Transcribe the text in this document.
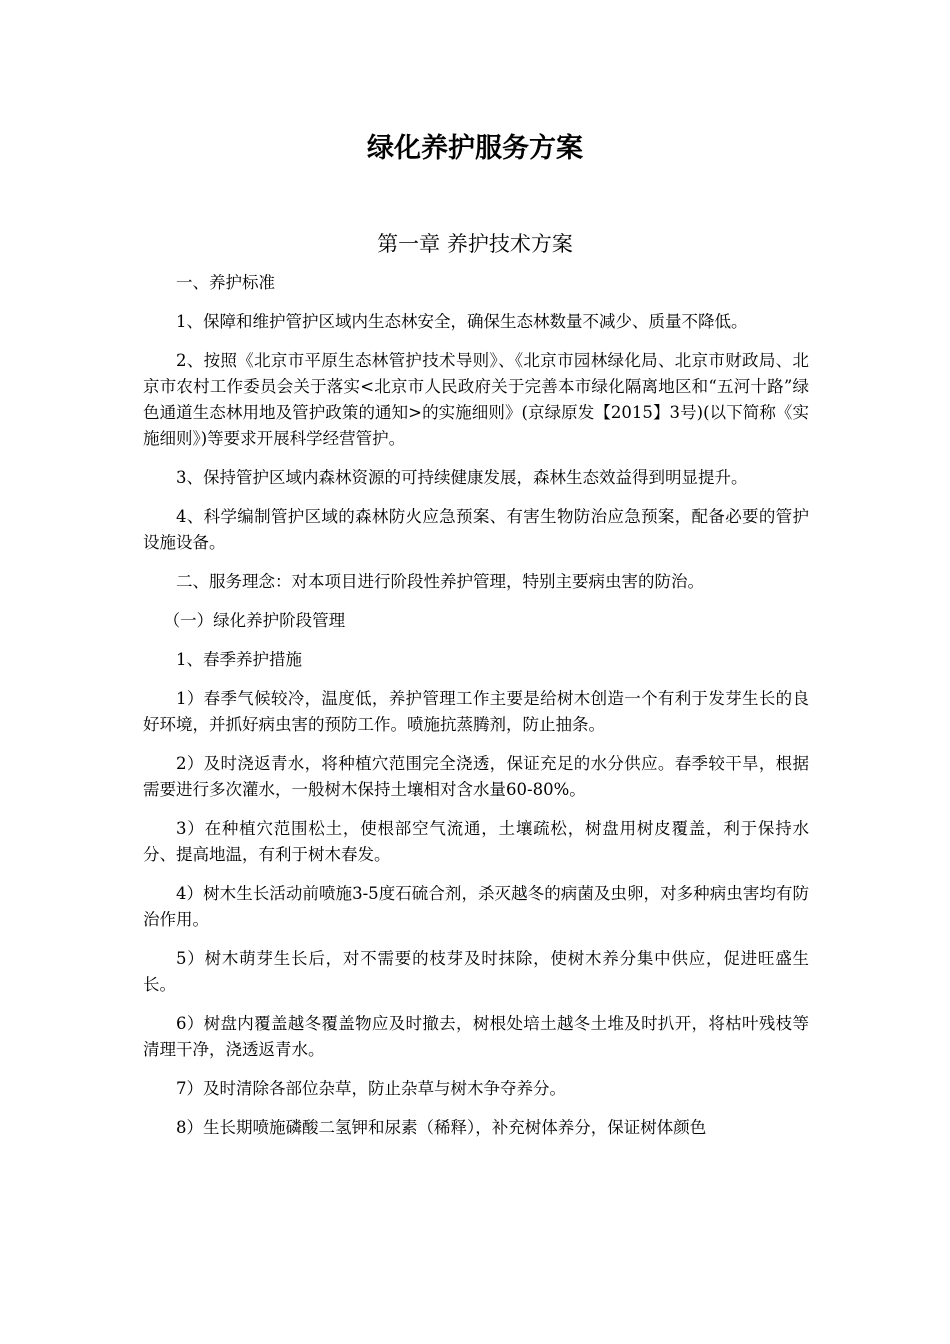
绿化养护服务方案
第一章 养护技术方案

一、养护标准

1、保障和维护管护区域内生态林安全，确保生态林数量不减少、质量不降低。

2、按照《北京市平原生态林管护技术导则》、《北京市园林绿化局、北京市财政局、北京市农村工作委员会关于落实<北京市人民政府关于完善本市绿化隔离地区和“五河十路”绿色通道生态林用地及管护政策的通知>的实施细则》(京绿原发【2015】3号)(以下简称《实施细则》)等要求开展科学经营管护。

3、保持管护区域内森林资源的可持续健康发展，森林生态效益得到明显提升。

4、科学编制管护区域的森林防火应急预案、有害生物防治应急预案，配备必要的管护设施设备。

二、服务理念：对本项目进行阶段性养护管理，特别主要病虫害的防治。

（一）绿化养护阶段管理

1、春季养护措施

1）春季气候较冷，温度低，养护管理工作主要是给树木创造一个有利于发芽生长的良好环境，并抓好病虫害的预防工作。喷施抗蒸腾剂，防止抽条。

2）及时浇返青水，将种植穴范围完全浇透，保证充足的水分供应。春季较干旱，根据需要进行多次灌水，一般树木保持土壤相对含水量60-80%。

3）在种植穴范围松土，使根部空气流通，土壤疏松，树盘用树皮覆盖，利于保持水分、提高地温，有利于树木春发。

4）树木生长活动前喷施3-5度石硫合剂，杀灭越冬的病菌及虫卵，对多种病虫害均有防治作用。

5）树木萌芽生长后，对不需要的枝芽及时抹除，使树木养分集中供应，促进旺盛生长。

6）树盘内覆盖越冬覆盖物应及时撤去，树根处培土越冬土堆及时扒开，将枯叶残枝等清理干净，浇透返青水。

7）及时清除各部位杂草，防止杂草与树木争夺养分。

8）生长期喷施磷酸二氢钾和尿素（稀释），补充树体养分，保证树体颜色
